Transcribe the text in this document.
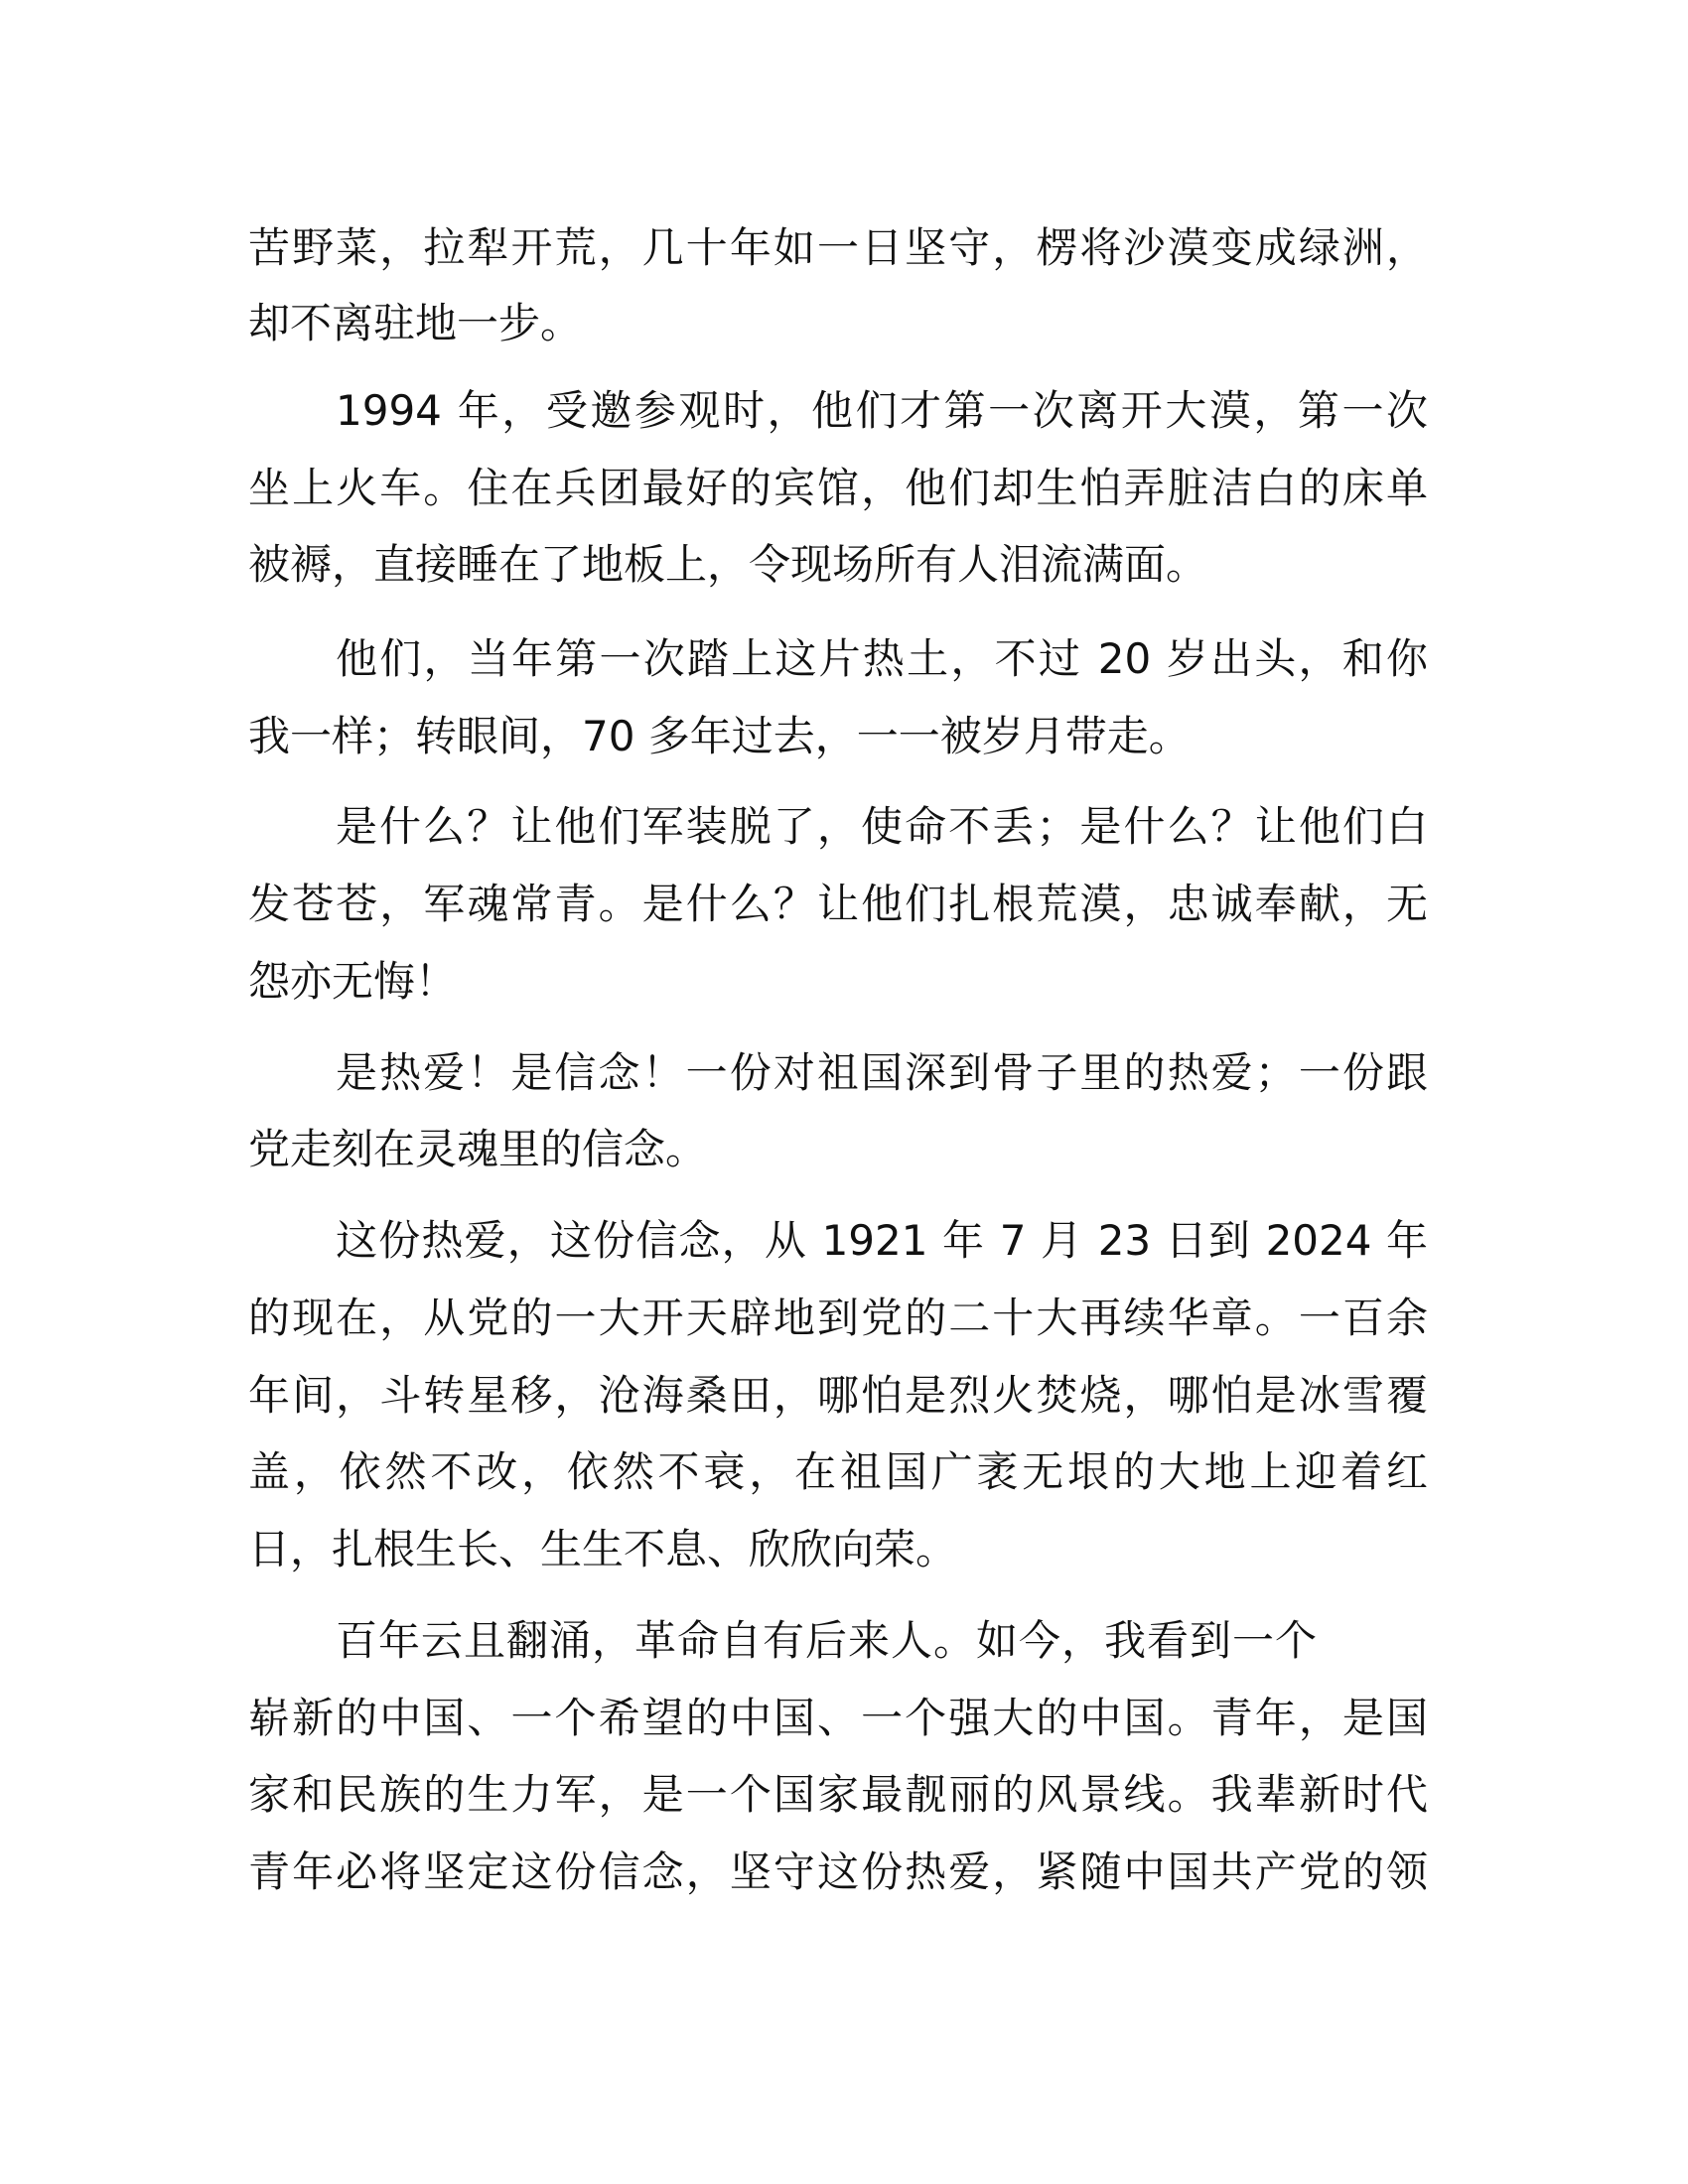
苦野菜，拉犁开荒，几十年如一日坚守，楞将沙漠变成绿洲，
却不离驻地一步。
1994 年，受邀参观时，他们才第一次离开大漠，第一次
坐上火车。住在兵团最好的宾馆，他们却生怕弄脏洁白的床单
被褥，直接睡在了地板上，令现场所有人泪流满面。
他们，当年第一次踏上这片热土，不过 20 岁出头，和你
我一样；转眼间，70 多年过去，一一被岁月带走。
是什么？让他们军装脱了，使命不丢；是什么？让他们白
发苍苍，军魂常青。是什么？让他们扎根荒漠，忠诚奉献，无
怨亦无悔！
是热爱！是信念！一份对祖国深到骨子里的热爱；一份跟
党走刻在灵魂里的信念。
这份热爱，这份信念，从 1921 年 7 月 23 日到 2024 年
的现在，从党的一大开天辟地到党的二十大再续华章。一百余
年间，斗转星移，沧海桑田，哪怕是烈火焚烧，哪怕是冰雪覆
盖，依然不改，依然不衰，在祖国广袤无垠的大地上迎着红
日，扎根生长、生生不息、欣欣向荣。
百年云且翻涌，革命自有后来人。如今，我看到一个
崭新的中国、一个希望的中国、一个强大的中国。青年，是国
家和民族的生力军，是一个国家最靓丽的风景线。我辈新时代
青年必将坚定这份信念，坚守这份热爱，紧随中国共产党的领
